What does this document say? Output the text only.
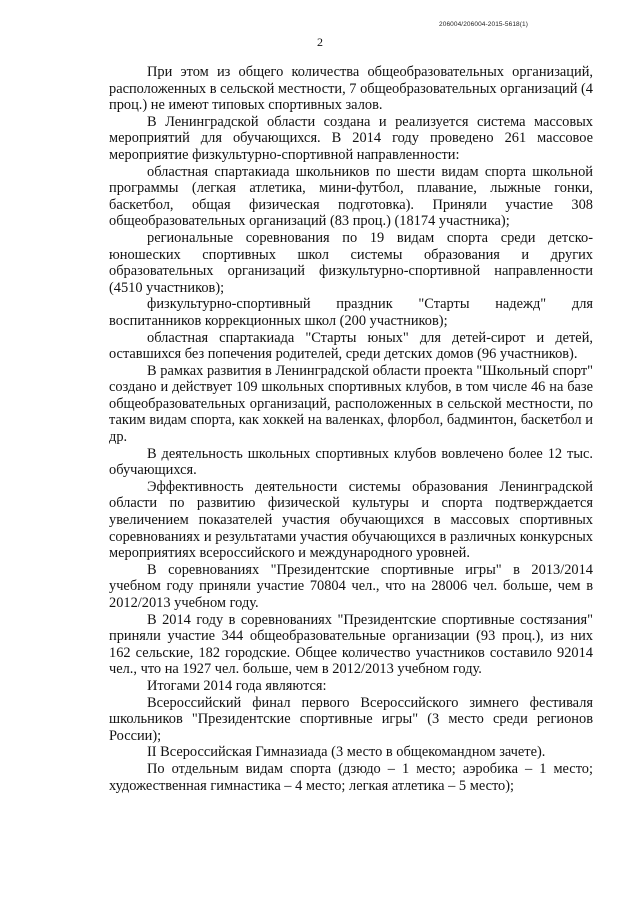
206004/206004-2015-5618(1)
2

При этом из общего количества общеобразовательных организаций, расположенных в сельской местности, 7 общеобразовательных организаций (4 проц.) не имеют типовых спортивных залов.

В Ленинградской области создана и реализуется система массовых мероприятий для обучающихся. В 2014 году проведено 261 массовое мероприятие физкультурно-спортивной направленности:

областная спартакиада школьников по шести видам спорта школьной программы (легкая атлетика, мини-футбол, плавание, лыжные гонки, баскетбол, общая физическая подготовка). Приняли участие 308 общеобразовательных организаций (83 проц.) (18174 участника);

региональные соревнования по 19 видам спорта среди детско-юношеских спортивных школ системы образования и других образовательных организаций физкультурно-спортивной направленности (4510 участников);

физкультурно-спортивный праздник "Старты надежд" для воспитанников коррекционных школ (200 участников);

областная спартакиада "Старты юных" для детей-сирот и детей, оставшихся без попечения родителей, среди детских домов (96 участников).

В рамках развития в Ленинградской области проекта "Школьный спорт" создано и действует 109 школьных спортивных клубов, в том числе 46 на базе общеобразовательных организаций, расположенных в сельской местности, по таким видам спорта, как хоккей на валенках, флорбол, бадминтон, баскетбол и др.

В деятельность школьных спортивных клубов вовлечено более 12 тыс. обучающихся.

Эффективность деятельности системы образования Ленинградской области по развитию физической культуры и спорта подтверждается увеличением показателей участия обучающихся в массовых спортивных соревнованиях и результатами участия обучающихся в различных конкурсных мероприятиях всероссийского и международного уровней.

В соревнованиях "Президентские спортивные игры" в 2013/2014 учебном году приняли участие 70804 чел., что на 28006 чел. больше, чем в 2012/2013 учебном году.

В 2014 году в соревнованиях "Президентские спортивные состязания" приняли участие 344 общеобразовательные организации (93 проц.), из них 162 сельские, 182 городские. Общее количество участников составило 92014 чел., что на 1927 чел. больше, чем в 2012/2013 учебном году.

Итогами 2014 года являются:

Всероссийский финал первого Всероссийского зимнего фестиваля школьников "Президентские спортивные игры" (3 место среди регионов России);

II Всероссийская Гимназиада (3 место в общекомандном зачете).

По отдельным видам спорта (дзюдо – 1 место; аэробика – 1 место; художественная гимнастика – 4 место; легкая атлетика – 5 место);
